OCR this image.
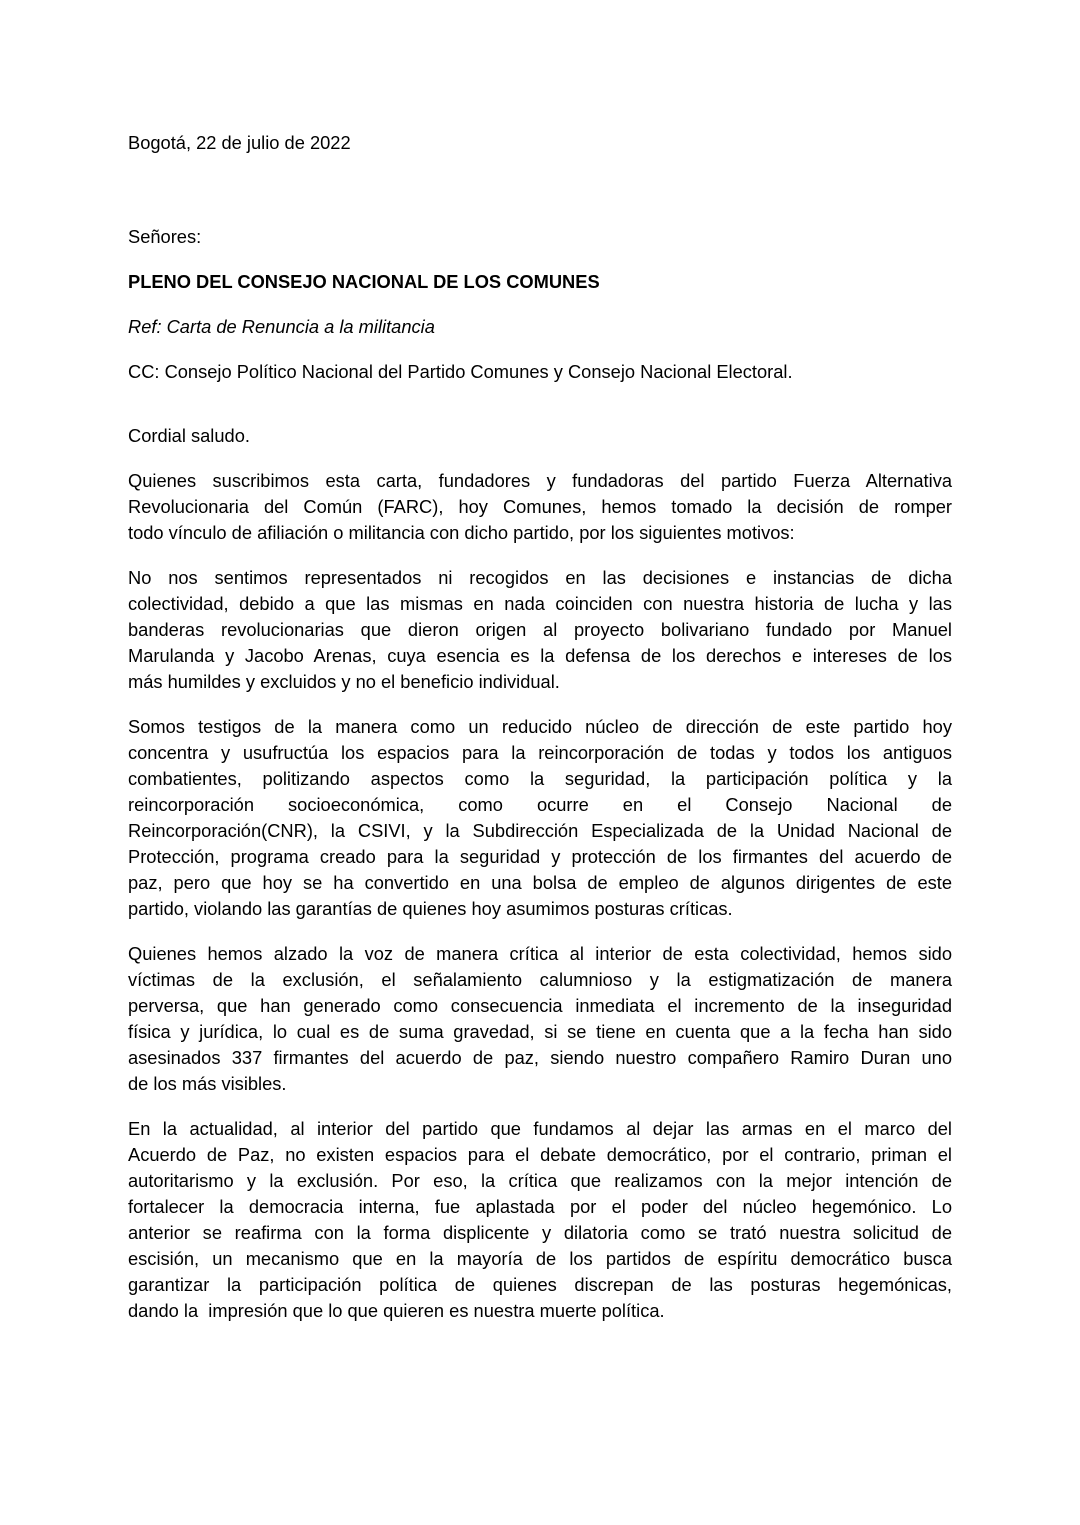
Bogotá, 22 de julio de 2022
Señores:
PLENO DEL CONSEJO NACIONAL DE LOS COMUNES
Ref: Carta de Renuncia a la militancia
CC: Consejo Político Nacional del Partido Comunes y Consejo Nacional Electoral.
Cordial saludo.
Quienes suscribimos esta carta, fundadores y fundadoras del partido Fuerza Alternativa
Revolucionaria del Común (FARC), hoy Comunes, hemos tomado la decisión de romper
todo vínculo de afiliación o militancia con dicho partido, por los siguientes motivos:
No nos sentimos representados ni recogidos en las decisiones e instancias de dicha
colectividad, debido a que las mismas en nada coinciden con nuestra historia de lucha y las
banderas revolucionarias que dieron origen al proyecto bolivariano fundado por Manuel
Marulanda y Jacobo Arenas, cuya esencia es la defensa de los derechos e intereses de los
más humildes y excluidos y no el beneficio individual.
Somos testigos de la manera como un reducido núcleo de dirección de este partido hoy
concentra y usufructúa los espacios para la reincorporación de todas y todos los antiguos
combatientes, politizando aspectos como la seguridad, la participación política y la
reincorporación socioeconómica, como ocurre en el Consejo Nacional de
Reincorporación(CNR), la CSIVI, y la Subdirección Especializada de la Unidad Nacional de
Protección, programa creado para la seguridad y protección de los firmantes del acuerdo de
paz, pero que hoy se ha convertido en una bolsa de empleo de algunos dirigentes de este
partido, violando las garantías de quienes hoy asumimos posturas críticas.
Quienes hemos alzado la voz de manera crítica al interior de esta colectividad, hemos sido
víctimas de la exclusión, el señalamiento calumnioso y la estigmatización de manera
perversa, que han generado como consecuencia inmediata el incremento de la inseguridad
física y jurídica, lo cual es de suma gravedad, si se tiene en cuenta que a la fecha han sido
asesinados 337 firmantes del acuerdo de paz, siendo nuestro compañero Ramiro Duran uno
de los más visibles.
En la actualidad, al interior del partido que fundamos al dejar las armas en el marco del
Acuerdo de Paz, no existen espacios para el debate democrático, por el contrario, priman el
autoritarismo y la exclusión. Por eso, la crítica que realizamos con la mejor intención de
fortalecer la democracia interna, fue aplastada por el poder del núcleo hegemónico. Lo
anterior se reafirma con la forma displicente y dilatoria como se trató nuestra solicitud de
escisión, un mecanismo que en la mayoría de los partidos de espíritu democrático busca
garantizar la participación política de quienes discrepan de las posturas hegemónicas,
dando la  impresión que lo que quieren es nuestra muerte política.
